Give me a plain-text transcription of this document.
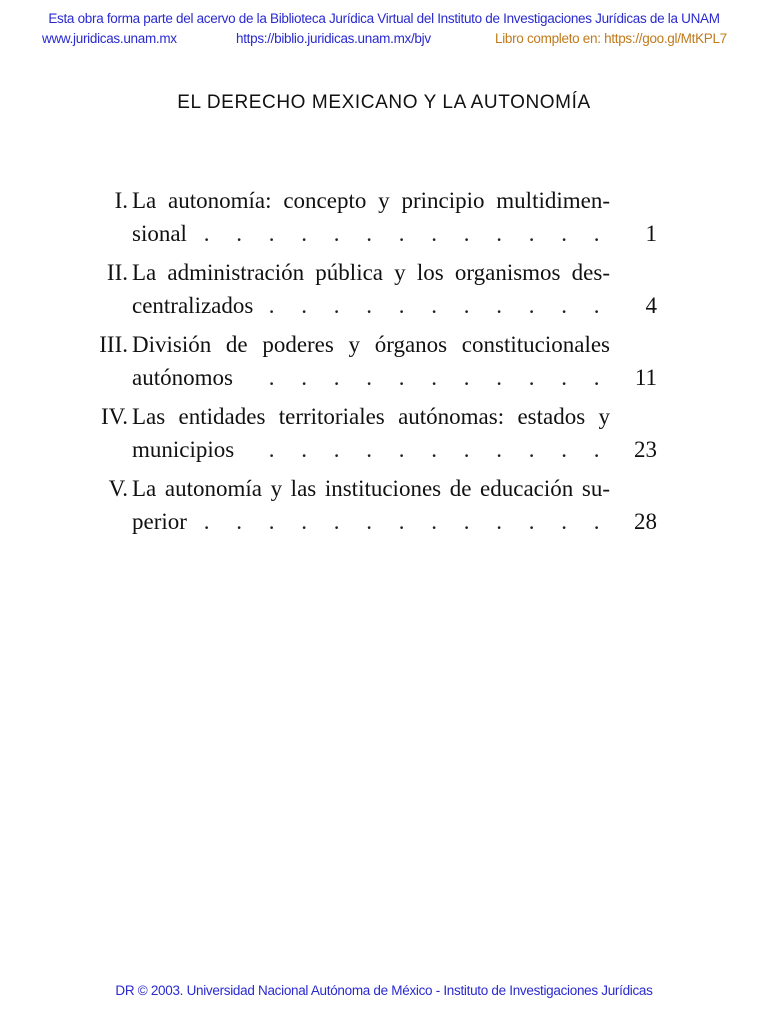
Esta obra forma parte del acervo de la Biblioteca Jurídica Virtual del Instituto de Investigaciones Jurídicas de la UNAM
www.juridicas.unam.mx	https://biblio.juridicas.unam.mx/bjv	Libro completo en: https://goo.gl/MtKPL7
EL DERECHO MEXICANO Y LA AUTONOMÍA
I. La autonomía: concepto y principio multidimen-
sional . . . . . . . . . . . . . 1
II. La administración pública y los organismos des-
centralizados . . . . . . . . . . . 4
III. División de poderes y órganos constitucionales
autónomos . . . . . . . . . . . 11
IV. Las entidades territoriales autónomas: estados y
municipios . . . . . . . . . . . 23
V. La autonomía y las instituciones de educación su-
perior . . . . . . . . . . . . . 28
DR © 2003. Universidad Nacional Autónoma de México - Instituto de Investigaciones Jurídicas
